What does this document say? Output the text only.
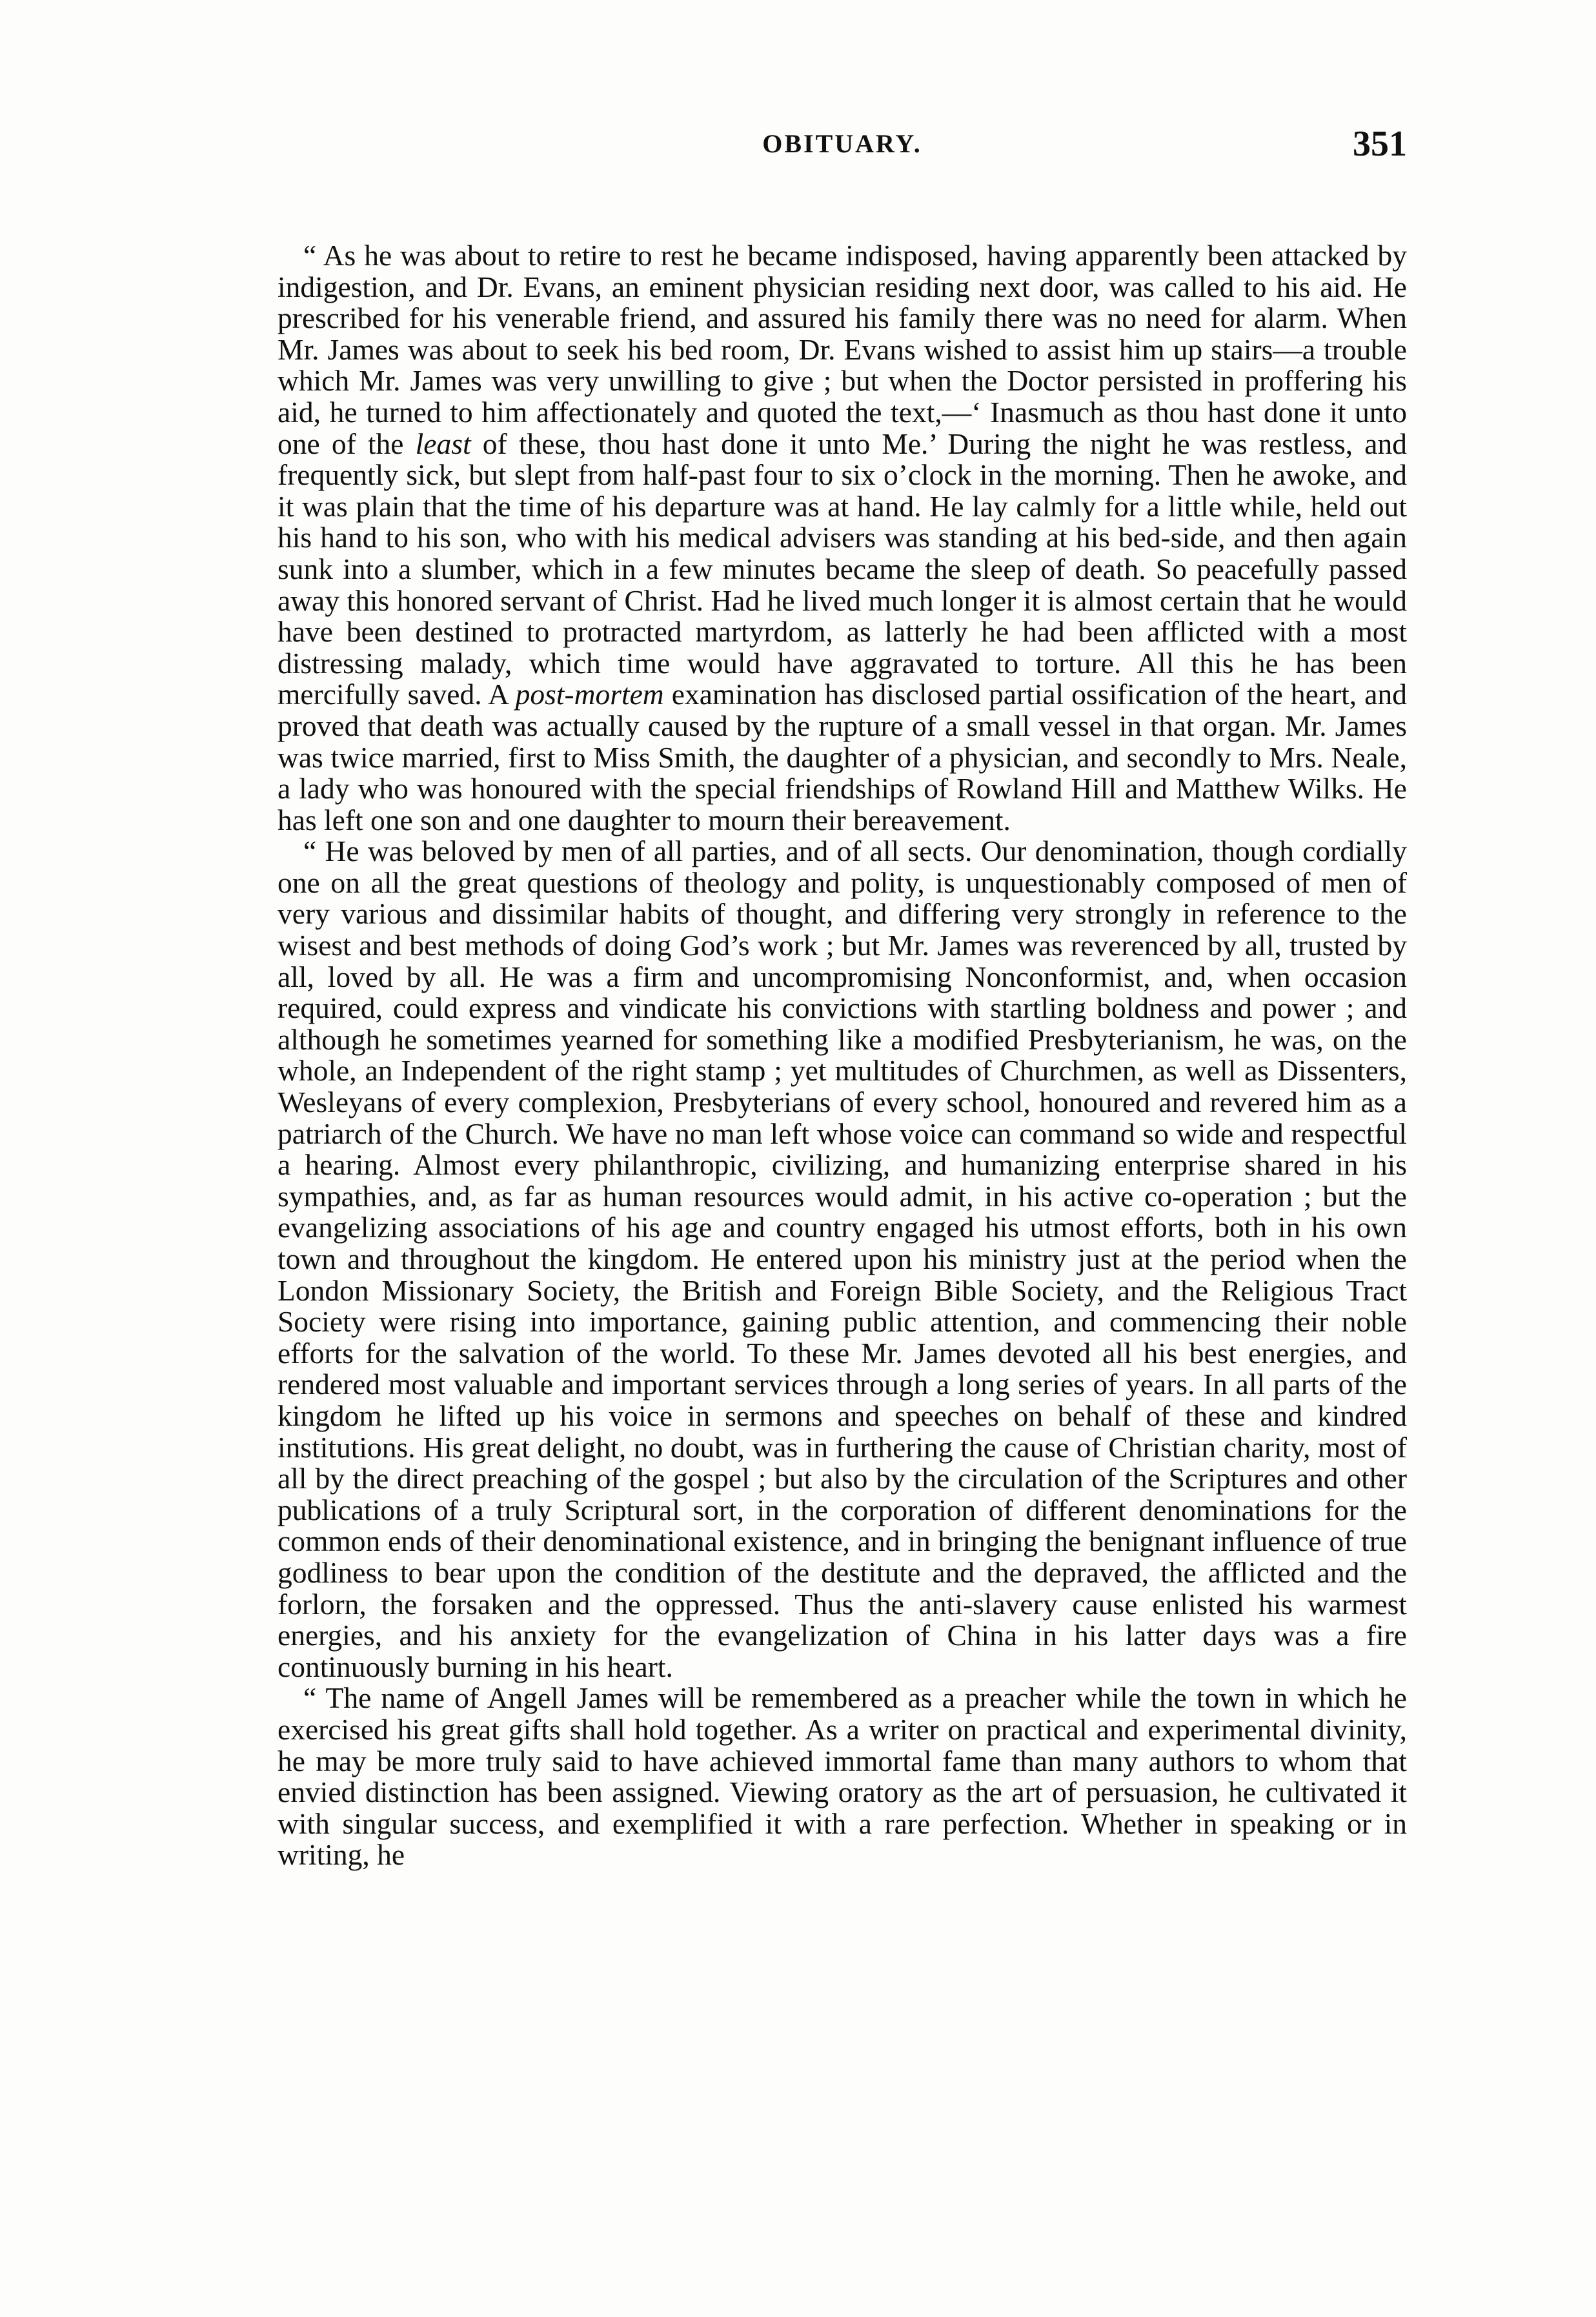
OBITUARY.	351

“ As he was about to retire to rest he became indisposed, having apparently been attacked by indigestion, and Dr. Evans, an eminent physician residing next door, was called to his aid. He prescribed for his venerable friend, and assured his family there was no need for alarm. When Mr. James was about to seek his bed room, Dr. Evans wished to assist him up stairs—a trouble which Mr. James was very unwilling to give ; but when the Doctor persisted in proffering his aid, he turned to him affectionately and quoted the text,—‘ Inasmuch as thou hast done it unto one of the least of these, thou hast done it unto Me.’ During the night he was restless, and frequently sick, but slept from half-past four to six o’clock in the morning. Then he awoke, and it was plain that the time of his departure was at hand. He lay calmly for a little while, held out his hand to his son, who with his medical advisers was standing at his bed-side, and then again sunk into a slumber, which in a few minutes became the sleep of death. So peacefully passed away this honored servant of Christ. Had he lived much longer it is almost certain that he would have been destined to protracted martyrdom, as latterly he had been afflicted with a most distressing malady, which time would have aggravated to torture. All this he has been mercifully saved. A post-mortem examination has disclosed partial ossification of the heart, and proved that death was actually caused by the rupture of a small vessel in that organ. Mr. James was twice married, first to Miss Smith, the daughter of a physician, and secondly to Mrs. Neale, a lady who was honoured with the special friendships of Rowland Hill and Matthew Wilks. He has left one son and one daughter to mourn their bereavement.

“ He was beloved by men of all parties, and of all sects. Our denomination, though cordially one on all the great questions of theology and polity, is unquestionably composed of men of very various and dissimilar habits of thought, and differing very strongly in reference to the wisest and best methods of doing God’s work ; but Mr. James was reverenced by all, trusted by all, loved by all. He was a firm and uncompromising Nonconformist, and, when occasion required, could express and vindicate his convictions with startling boldness and power ; and although he sometimes yearned for something like a modified Presbyterianism, he was, on the whole, an Independent of the right stamp ; yet multitudes of Churchmen, as well as Dissenters, Wesleyans of every complexion, Presbyterians of every school, honoured and revered him as a patriarch of the Church. We have no man left whose voice can command so wide and respectful a hearing. Almost every philanthropic, civilizing, and humanizing enterprise shared in his sympathies, and, as far as human resources would admit, in his active co-operation ; but the evangelizing associations of his age and country engaged his utmost efforts, both in his own town and throughout the kingdom. He entered upon his ministry just at the period when the London Missionary Society, the British and Foreign Bible Society, and the Religious Tract Society were rising into importance, gaining public attention, and commencing their noble efforts for the salvation of the world. To these Mr. James devoted all his best energies, and rendered most valuable and important services through a long series of years. In all parts of the kingdom he lifted up his voice in sermons and speeches on behalf of these and kindred institutions. His great delight, no doubt, was in furthering the cause of Christian charity, most of all by the direct preaching of the gospel ; but also by the circulation of the Scriptures and other publications of a truly Scriptural sort, in the corporation of different denominations for the common ends of their denominational existence, and in bringing the benignant influence of true godliness to bear upon the condition of the destitute and the depraved, the afflicted and the forlorn, the forsaken and the oppressed. Thus the anti-slavery cause enlisted his warmest energies, and his anxiety for the evangelization of China in his latter days was a fire continuously burning in his heart.

“ The name of Angell James will be remembered as a preacher while the town in which he exercised his great gifts shall hold together. As a writer on practical and experimental divinity, he may be more truly said to have achieved immortal fame than many authors to whom that envied distinction has been assigned. Viewing oratory as the art of persuasion, he cultivated it with singular success, and exemplified it with a rare perfection. Whether in speaking or in writing, he
